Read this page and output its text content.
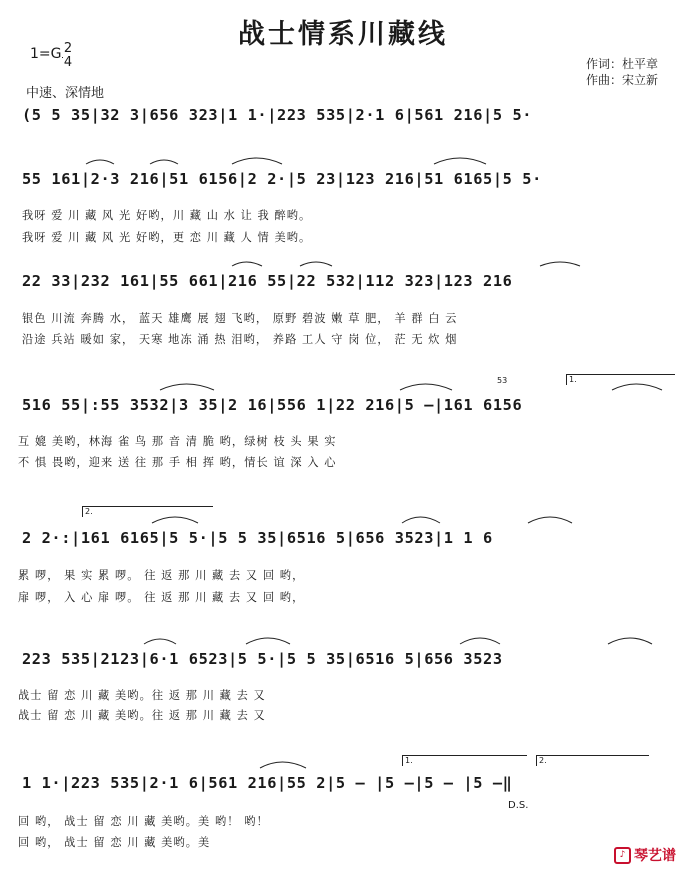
战士情系川藏线
1=G 2
4	作词：杜平章
作曲：宋立新
中速、深情地
(5 5 35|32 3|656 323|1 1·|223 535|2·1 6|561 216|5 5·
55 161|2·3 216|51 6156|2 2·|5 23|123 216|51 6165|5 5·
我呀 爱 川 藏 风 光 好哟，川 藏 山 水 让 我 醉哟。
我呀 爱 川 藏 风 光 好哟，更 恋 川 藏 人 情 美哟。
22 33|232 161|55 661|216 55|22 532|112 323|123 216
银色 川流 奔腾 水， 蓝天 雄鹰 展 翅 飞哟， 原野 碧波 嫩 草 肥， 羊 群 白 云
沿途 兵站 暖如 家， 天寒 地冻 涌 热 泪哟， 养路 工人 守 岗 位， 茫 无 炊 烟
53	1.
516 55|:55 3532|3 35|2 16|556 1|22 216|5 —|161 6156
互 媲 美哟，林海 雀 鸟 那 音 清 脆 哟，绿树 枝 头 果 实
不 惧 畏哟，迎来 送 往 那 手 相 挥 哟，情长 谊 深 入 心
2.
2 2·:|161 6165|5 5·|5 5 35|6516 5|656 3523|1 1 6
累 啰， 果 实 累 啰。 往 返 那 川 藏 去 又 回 哟，
扉 啰， 入 心 扉 啰。 往 返 那 川 藏 去 又 回 哟，
223 535|2123|6·1 6523|5 5·|5 5 35|6516 5|656 3523
战士 留 恋 川 藏 美哟。往 返 那 川 藏 去 又
战士 留 恋 川 藏 美哟。往 返 那 川 藏 去 又
1.	2.
1 1·|223 535|2·1 6|561 216|55 2|5 — |5 —|5 — |5 —‖
D.S.
回 哟， 战士 留 恋 川 藏 美哟。美 哟！ 哟！
回 哟， 战士 留 恋 川 藏 美哟。美
♪ 琴艺谱
